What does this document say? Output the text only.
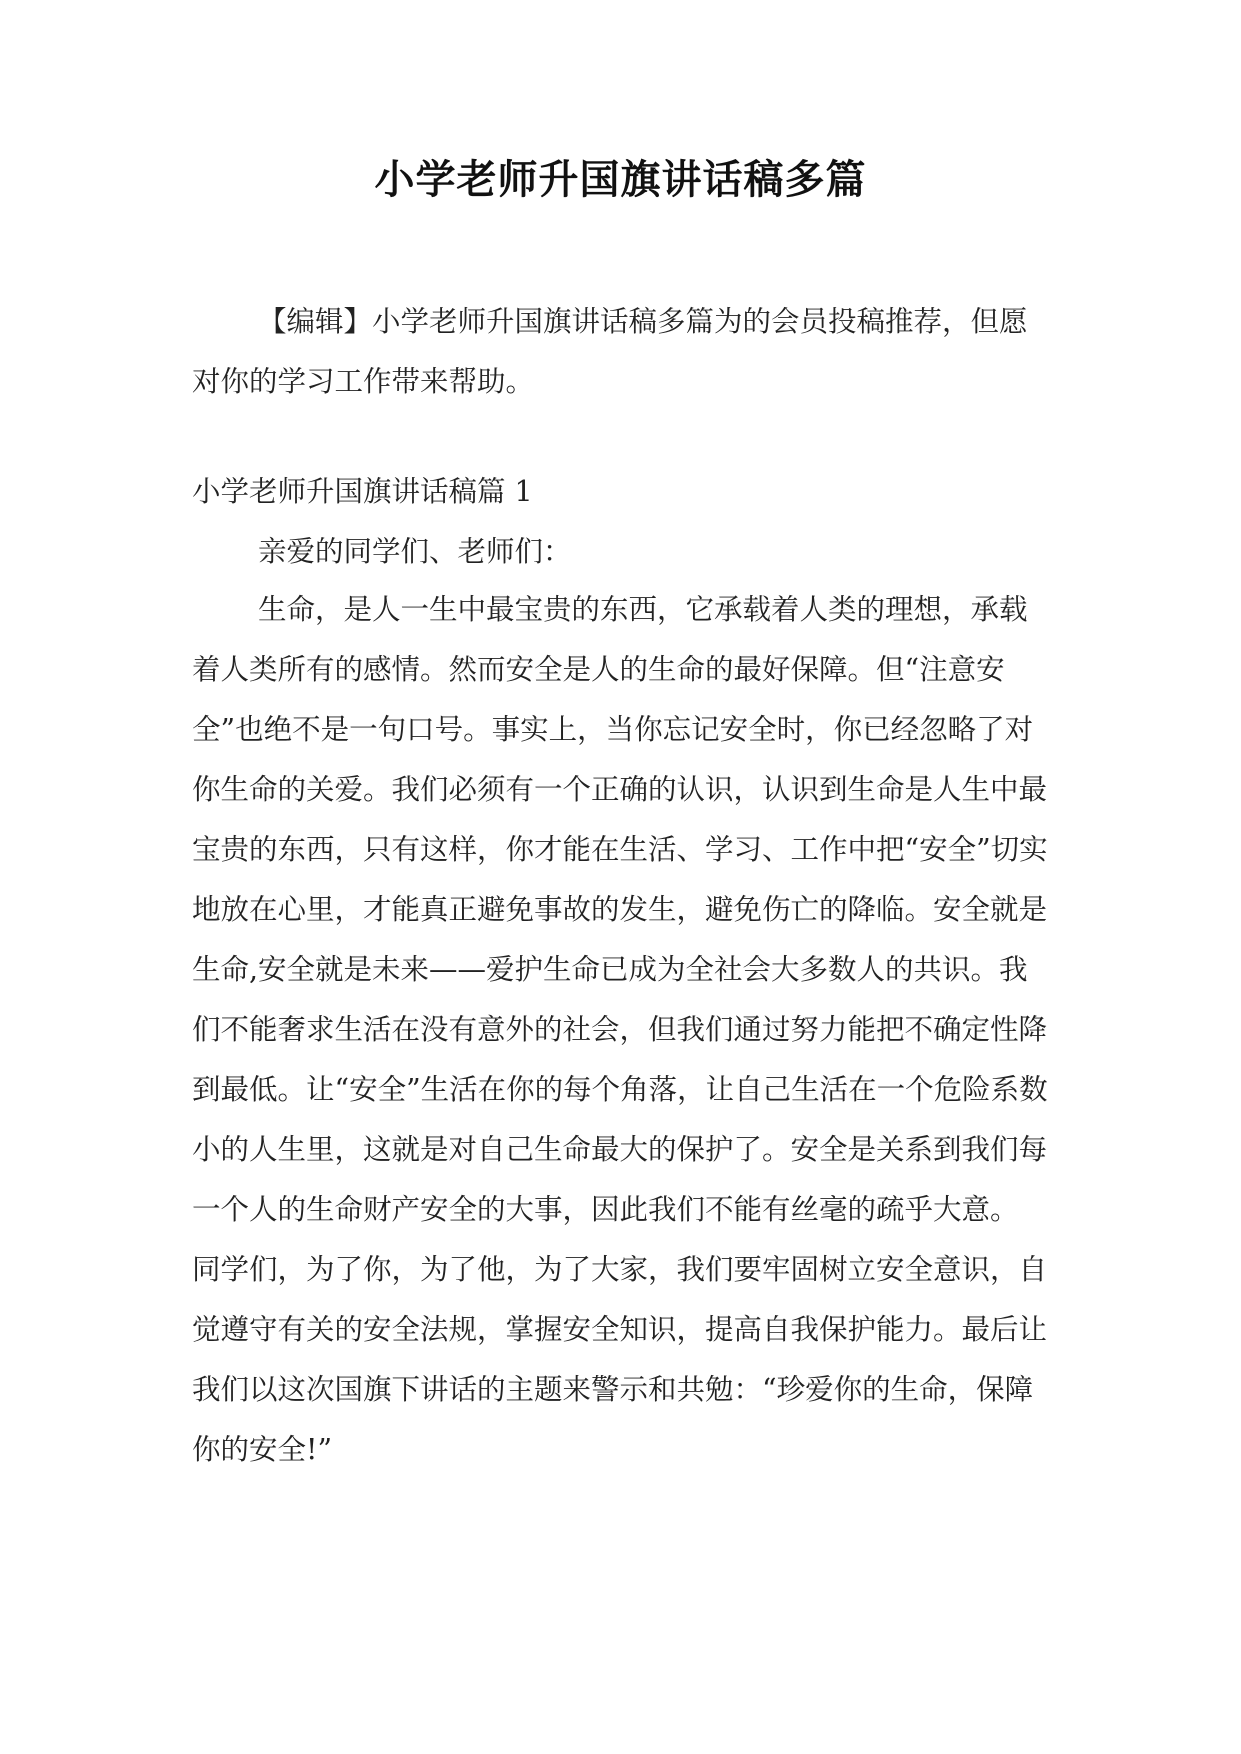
小学老师升国旗讲话稿多篇

【编辑】小学老师升国旗讲话稿多篇为的会员投稿推荐，但愿对你的学习工作带来帮助。

小学老师升国旗讲话稿篇 1

亲爱的同学们、老师们：

生命，是人一生中最宝贵的东西，它承载着人类的理想，承载着人类所有的感情。然而安全是人的生命的最好保障。但“注意安全”也绝不是一句口号。事实上，当你忘记安全时，你已经忽略了对你生命的关爱。我们必须有一个正确的认识，认识到生命是人生中最宝贵的东西，只有这样，你才能在生活、学习、工作中把“安全”切实地放在心里，才能真正避免事故的发生，避免伤亡的降临。安全就是生命,安全就是未来——爱护生命已成为全社会大多数人的共识。我们不能奢求生活在没有意外的社会，但我们通过努力能把不确定性降到最低。让“安全”生活在你的每个角落，让自己生活在一个危险系数小的人生里，这就是对自己生命最大的保护了。安全是关系到我们每一个人的生命财产安全的大事，因此我们不能有丝毫的疏乎大意。 同学们，为了你，为了他，为了大家，我们要牢固树立安全意识，自觉遵守有关的安全法规，掌握安全知识，提高自我保护能力。最后让我们以这次国旗下讲话的主题来警示和共勉：“珍爱你的生命，保障你的安全!”
